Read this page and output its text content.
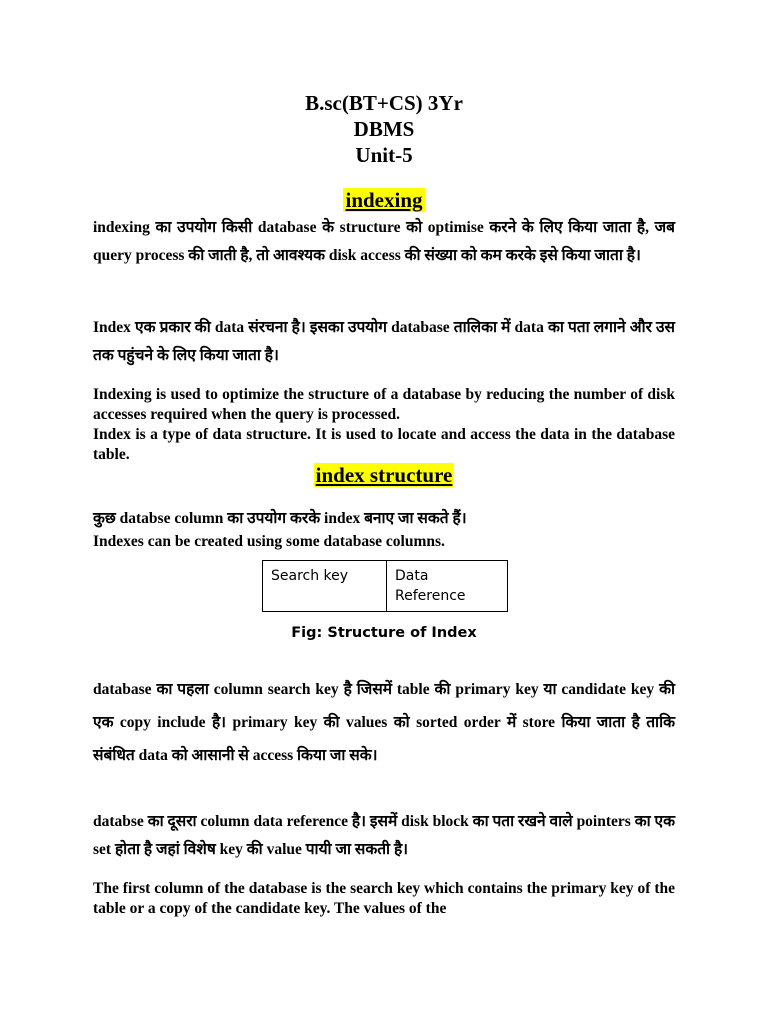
B.sc(BT+CS) 3Yr
DBMS
Unit-5
indexing

indexing का उपयोग किसी database के structure को optimise करने के लिए किया जाता है, जब query process की जाती है, तो आवश्यक disk access की संख्या को कम करके इसे किया जाता है।

Index एक प्रकार की data संरचना है। इसका उपयोग database तालिका में data का पता लगाने और उस तक पहुंचने के लिए किया जाता है।

Indexing is used to optimize the structure of a database by reducing the number of disk accesses required when the query is processed.

Index is a type of data structure. It is used to locate and access the data in the database table.

index structure

कुछ databse column का उपयोग करके index बनाए जा सकते हैं।

Indexes can be created using some database columns.

Search key	Data
Reference
Fig: Structure of Index

database का पहला column search key है जिसमें table की primary key या candidate key की एक copy include है। primary key की values को sorted order में store किया जाता है ताकि संबंधित data को आसानी से access किया जा सके।

databse का दूसरा column data reference है। इसमें disk block का पता रखने वाले pointers का एक set होता है जहां विशेष key की value पायी जा सकती है।

The first column of the database is the search key which contains the primary key of the table or a copy of the candidate key. The values of the
